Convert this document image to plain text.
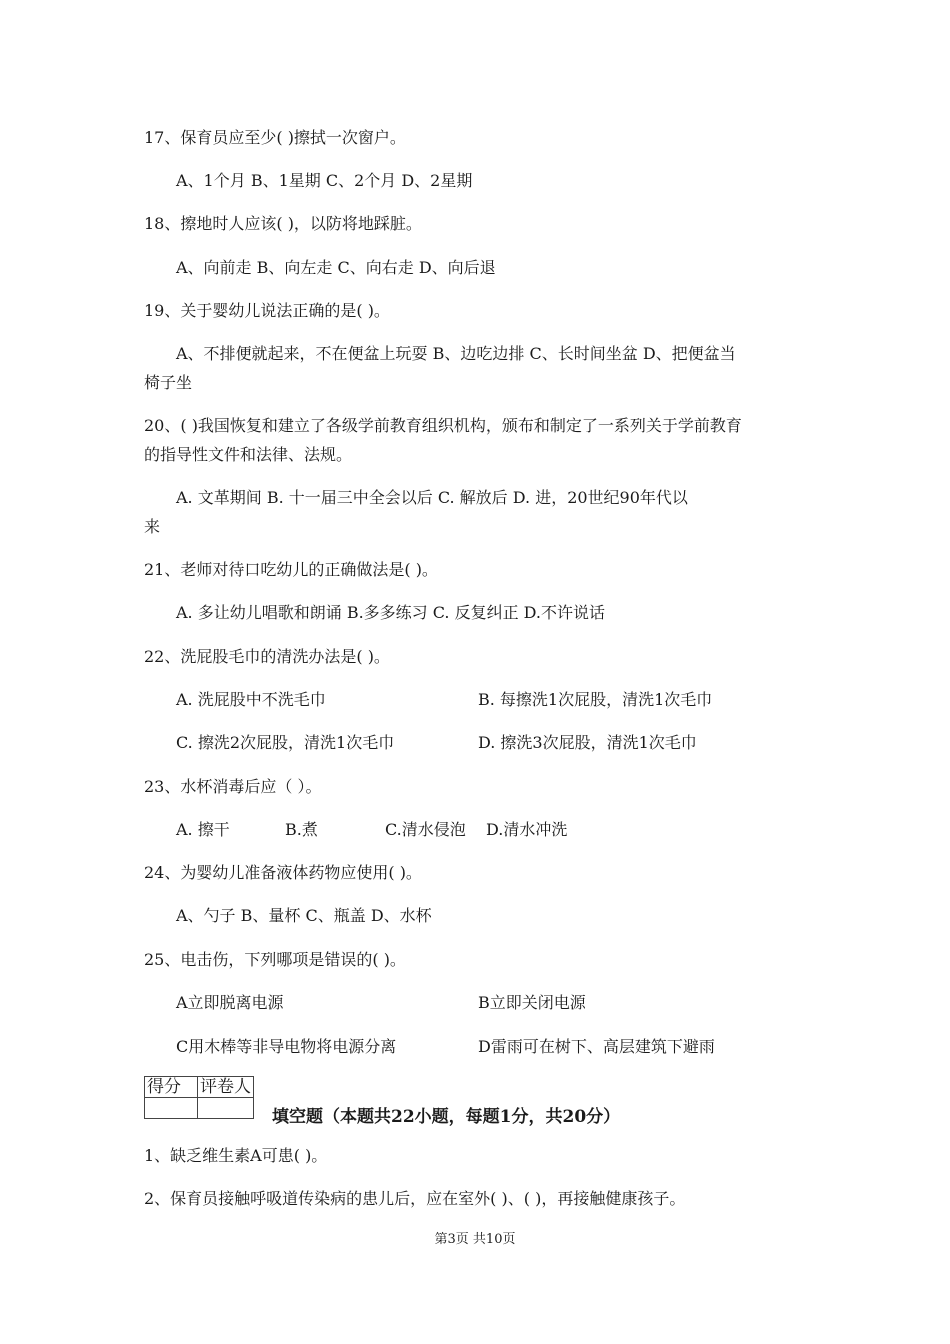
17、保育员应至少( )擦拭一次窗户。
A、1个月 B、1星期 C、2个月 D、2星期
18、擦地时人应该( )，以防将地踩脏。
A、向前走 B、向左走 C、向右走 D、向后退
19、关于婴幼儿说法正确的是( )。
A、不排便就起来，不在便盆上玩耍 B、边吃边排 C、长时间坐盆 D、把便盆当
椅子坐
20、( )我国恢复和建立了各级学前教育组织机构，颁布和制定了一系列关于学前教育
的指导性文件和法律、法规。
A. 文革期间 B. 十一届三中全会以后 C. 解放后 D. 进，20世纪90年代以
来
21、老师对待口吃幼儿的正确做法是( )。
A. 多让幼儿唱歌和朗诵 B.多多练习 C. 反复纠正 D.不许说话
22、洗屁股毛巾的清洗办法是( )。
A. 洗屁股中不洗毛巾	B. 每擦洗1次屁股，清洗1次毛巾
C. 擦洗2次屁股，清洗1次毛巾	D. 擦洗3次屁股，清洗1次毛巾
23、水杯消毒后应（ ）。
A. 擦干	B.煮	C.清水侵泡 D.清水冲洗
24、为婴幼儿准备液体药物应使用( )。
A、勺子 B、量杯 C、瓶盖 D、水杯
25、电击伤，下列哪项是错误的( )。
A立即脱离电源	B立即关闭电源
C用木棒等非导电物将电源分离	D雷雨可在树下、高层建筑下避雨
得分	评卷人

填空题（本题共22小题，每题1分，共20分）
1、缺乏维生素A可患( )。
2、保育员接触呼吸道传染病的患儿后，应在室外( )、( )，再接触健康孩子。
第3页 共10页
